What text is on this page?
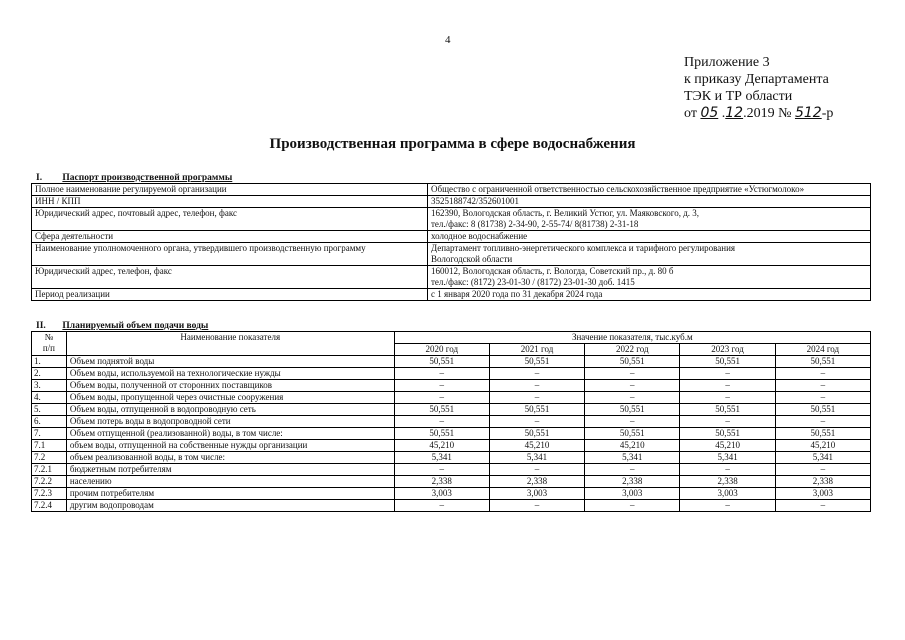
4
Приложение 3
к приказу Департамента
ТЭК и ТР области
от 05 .12.2019 № 512-р
Производственная программа в сфере водоснабжения
I. Паспорт производственной программы
Полное наименование регулируемой организации	Общество с ограниченной ответственностью сельскохозяйственное предприятие «Устюгмолоко»

ИНН / КПП	3525188742/352601001

Юридический адрес, почтовый адрес, телефон, факс	162390, Вологодская область, г. Великий Устюг, ул. Маяковского, д. 3,
тел./факс: 8 (81738) 2-34-90, 2-55-74/ 8(81738) 2-31-18

Сфера деятельности	холодное водоснабжение

Наименование уполномоченного органа, утвердившего производственную программу	Департамент топливно-энергетического комплекса и тарифного регулирования
Вологодской области

Юридический адрес, телефон, факс	160012, Вологодская область, г. Вологда, Советский пр., д. 80 б
тел./факс: (8172) 23-01-30 / (8172) 23-01-30 доб. 1415

Период реализации	с 1 января 2020 года по 31 декабря 2024 года
II. Планируемый объем подачи воды
№
п/п	Наименование показателя	Значение показателя, тыс.куб.м				
		2020 год	2021 год	2022 год	2023 год	2024 год
1.	Объем поднятой воды	50,551	50,551	50,551	50,551	50,551
2.	Объем воды, используемой на технологические нужды	–	–	–	–	–
3.	Объем воды, полученной от сторонних поставщиков	–	–	–	–	–
4.	Объем воды, пропущенной через очистные сооружения	–	–	–	–	–
5.	Объем воды, отпущенной в водопроводную сеть	50,551	50,551	50,551	50,551	50,551
6.	Объем потерь воды в водопроводной сети	–	–	–	–	–
7.	Объем отпущенной (реализованной) воды, в том числе:	50,551	50,551	50,551	50,551	50,551
7.1	объем воды, отпущенной на собственные нужды организации	45,210	45,210	45,210	45,210	45,210
7.2	объем реализованной воды, в том числе:	5,341	5,341	5,341	5,341	5,341
7.2.1	бюджетным потребителям	–	–	–	–	–
7.2.2	населению	2,338	2,338	2,338	2,338	2,338
7.2.3	прочим потребителям	3,003	3,003	3,003	3,003	3,003
7.2.4	другим водопроводам	–	–	–	–	–
